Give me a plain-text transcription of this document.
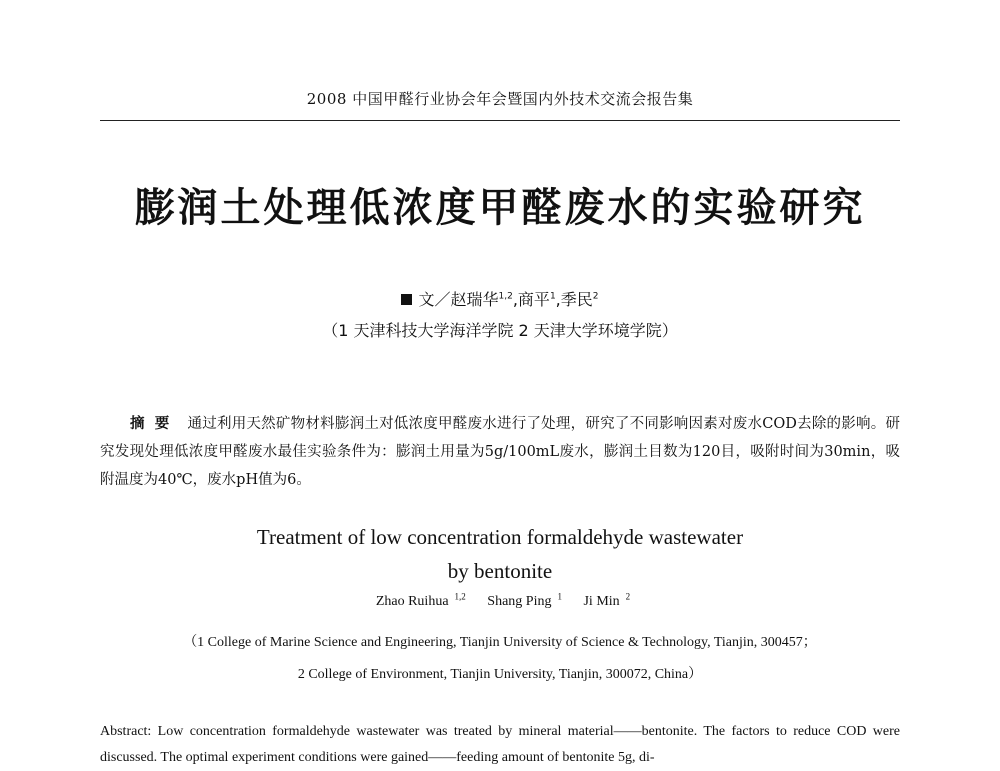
2008 中国甲醛行业协会年会暨国内外技术交流会报告集
膨润土处理低浓度甲醛废水的实验研究
文／赵瑞华$^{1,2}$,商平$^1$,季民$^2$
（1 天津科技大学海洋学院 2 天津大学环境学院）
摘要 通过利用天然矿物材料膨润土对低浓度甲醛废水进行了处理，研究了不同影响因素对废水COD去除的影响。研究发现处理低浓度甲醛废水最佳实验条件为：膨润土用量为5g/100mL废水，膨润土目数为120目，吸附时间为30min，吸附温度为40℃，废水pH值为6。
Treatment of low concentration formaldehyde wastewater
by bentonite
Zhao Ruihua $^{1,2}$ Shang Ping $^1$ Ji Min $^2$
（1 College of Marine Science and Engineering, Tianjin University of Science & Technology, Tianjin, 300457；
2 College of Environment, Tianjin University, Tianjin, 300072, China）
Abstract: Low concentration formaldehyde wastewater was treated by mineral material——bentonite. The factors to reduce COD were discussed. The optimal experiment conditions were gained——feeding amount of bentonite 5g, di-
